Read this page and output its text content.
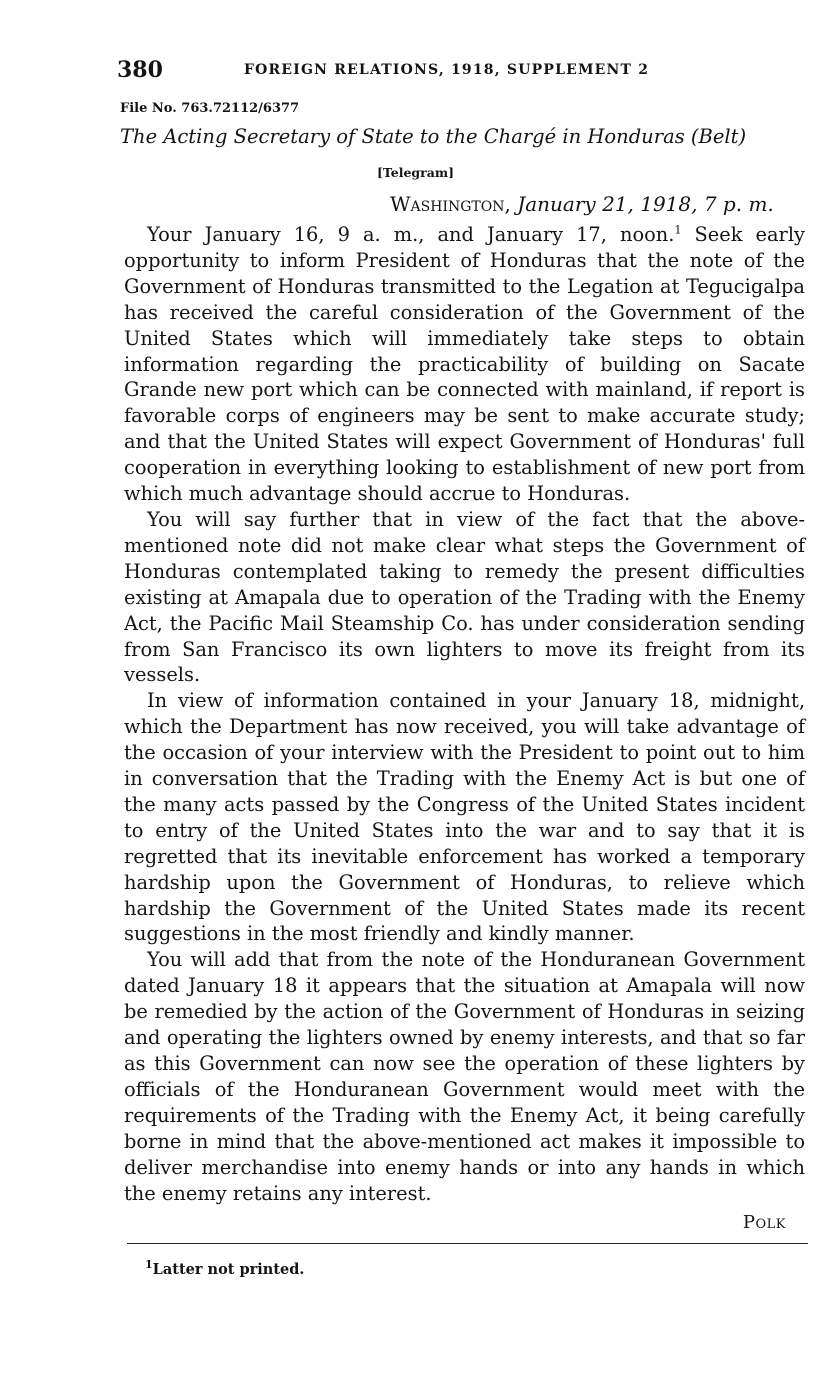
380	FOREIGN RELATIONS, 1918, SUPPLEMENT 2
File No. 763.72112/6377
The Acting Secretary of State to the Chargé in Honduras (Belt)
[Telegram]
Washington, January 21, 1918, 7 p. m.

Your January 16, 9 a. m., and January 17, noon.$^1$ Seek early opportunity to inform President of Honduras that the note of the Government of Honduras transmitted to the Legation at Tegucigalpa has received the careful consideration of the Government of the United States which will immediately take steps to obtain information regarding the practicability of building on Sacate Grande new port which can be connected with mainland, if report is favorable corps of engineers may be sent to make accurate study; and that the United States will expect Government of Honduras' full cooperation in everything looking to establishment of new port from which much advantage should accrue to Honduras.

You will say further that in view of the fact that the above-mentioned note did not make clear what steps the Government of Honduras contemplated taking to remedy the present difficulties existing at Amapala due to operation of the Trading with the Enemy Act, the Pacific Mail Steamship Co. has under consideration sending from San Francisco its own lighters to move its freight from its vessels.

In view of information contained in your January 18, midnight, which the Department has now received, you will take advantage of the occasion of your interview with the President to point out to him in conversation that the Trading with the Enemy Act is but one of the many acts passed by the Congress of the United States incident to entry of the United States into the war and to say that it is regretted that its inevitable enforcement has worked a temporary hardship upon the Government of Honduras, to relieve which hardship the Government of the United States made its recent suggestions in the most friendly and kindly manner.

You will add that from the note of the Honduranean Government dated January 18 it appears that the situation at Amapala will now be remedied by the action of the Government of Honduras in seizing and operating the lighters owned by enemy interests, and that so far as this Government can now see the operation of these lighters by officials of the Honduranean Government would meet with the requirements of the Trading with the Enemy Act, it being carefully borne in mind that the above-mentioned act makes it impossible to deliver merchandise into enemy hands or into any hands in which the enemy retains any interest.

Polk
$^1$Latter not printed.
